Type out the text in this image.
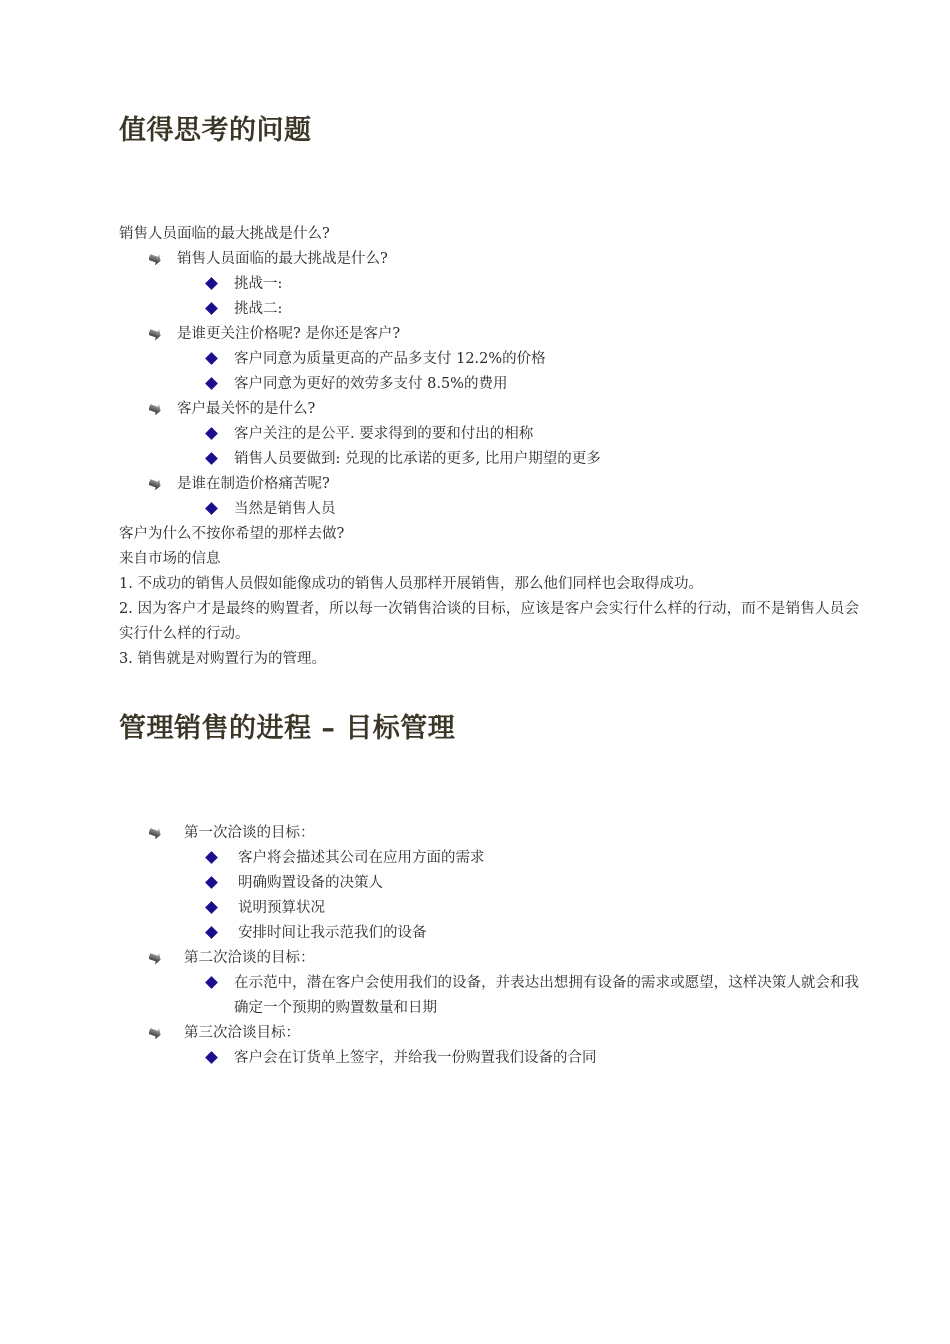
值得思考的问题
销售人员面临的最大挑战是什么?
销售人员面临的最大挑战是什么?
挑战一:
挑战二:
是谁更关注价格呢? 是你还是客户?
客户同意为质量更高的产品多支付 12.2%的价格
客户同意为更好的效劳多支付 8.5%的费用
客户最关怀的是什么?
客户关注的是公平. 要求得到的要和付出的相称
销售人员要做到: 兑现的比承诺的更多, 比用户期望的更多
是谁在制造价格痛苦呢?
当然是销售人员
客户为什么不按你希望的那样去做?
来自市场的信息
1. 不成功的销售人员假如能像成功的销售人员那样开展销售，那么他们同样也会取得成功。
2. 因为客户才是最终的购置者，所以每一次销售洽谈的目标，应该是客户会实行什么样的行动，而不是销售人员会实行什么样的行动。
3. 销售就是对购置行为的管理。
管理销售的进程 – 目标管理
第一次洽谈的目标：
客户将会描述其公司在应用方面的需求
明确购置设备的决策人
说明预算状况
安排时间让我示范我们的设备
第二次洽谈的目标：
在示范中，潜在客户会使用我们的设备，并表达出想拥有设备的需求或愿望，这样决策人就会和我确定一个预期的购置数量和日期
第三次洽谈目标：
客户会在订货单上签字，并给我一份购置我们设备的合同
